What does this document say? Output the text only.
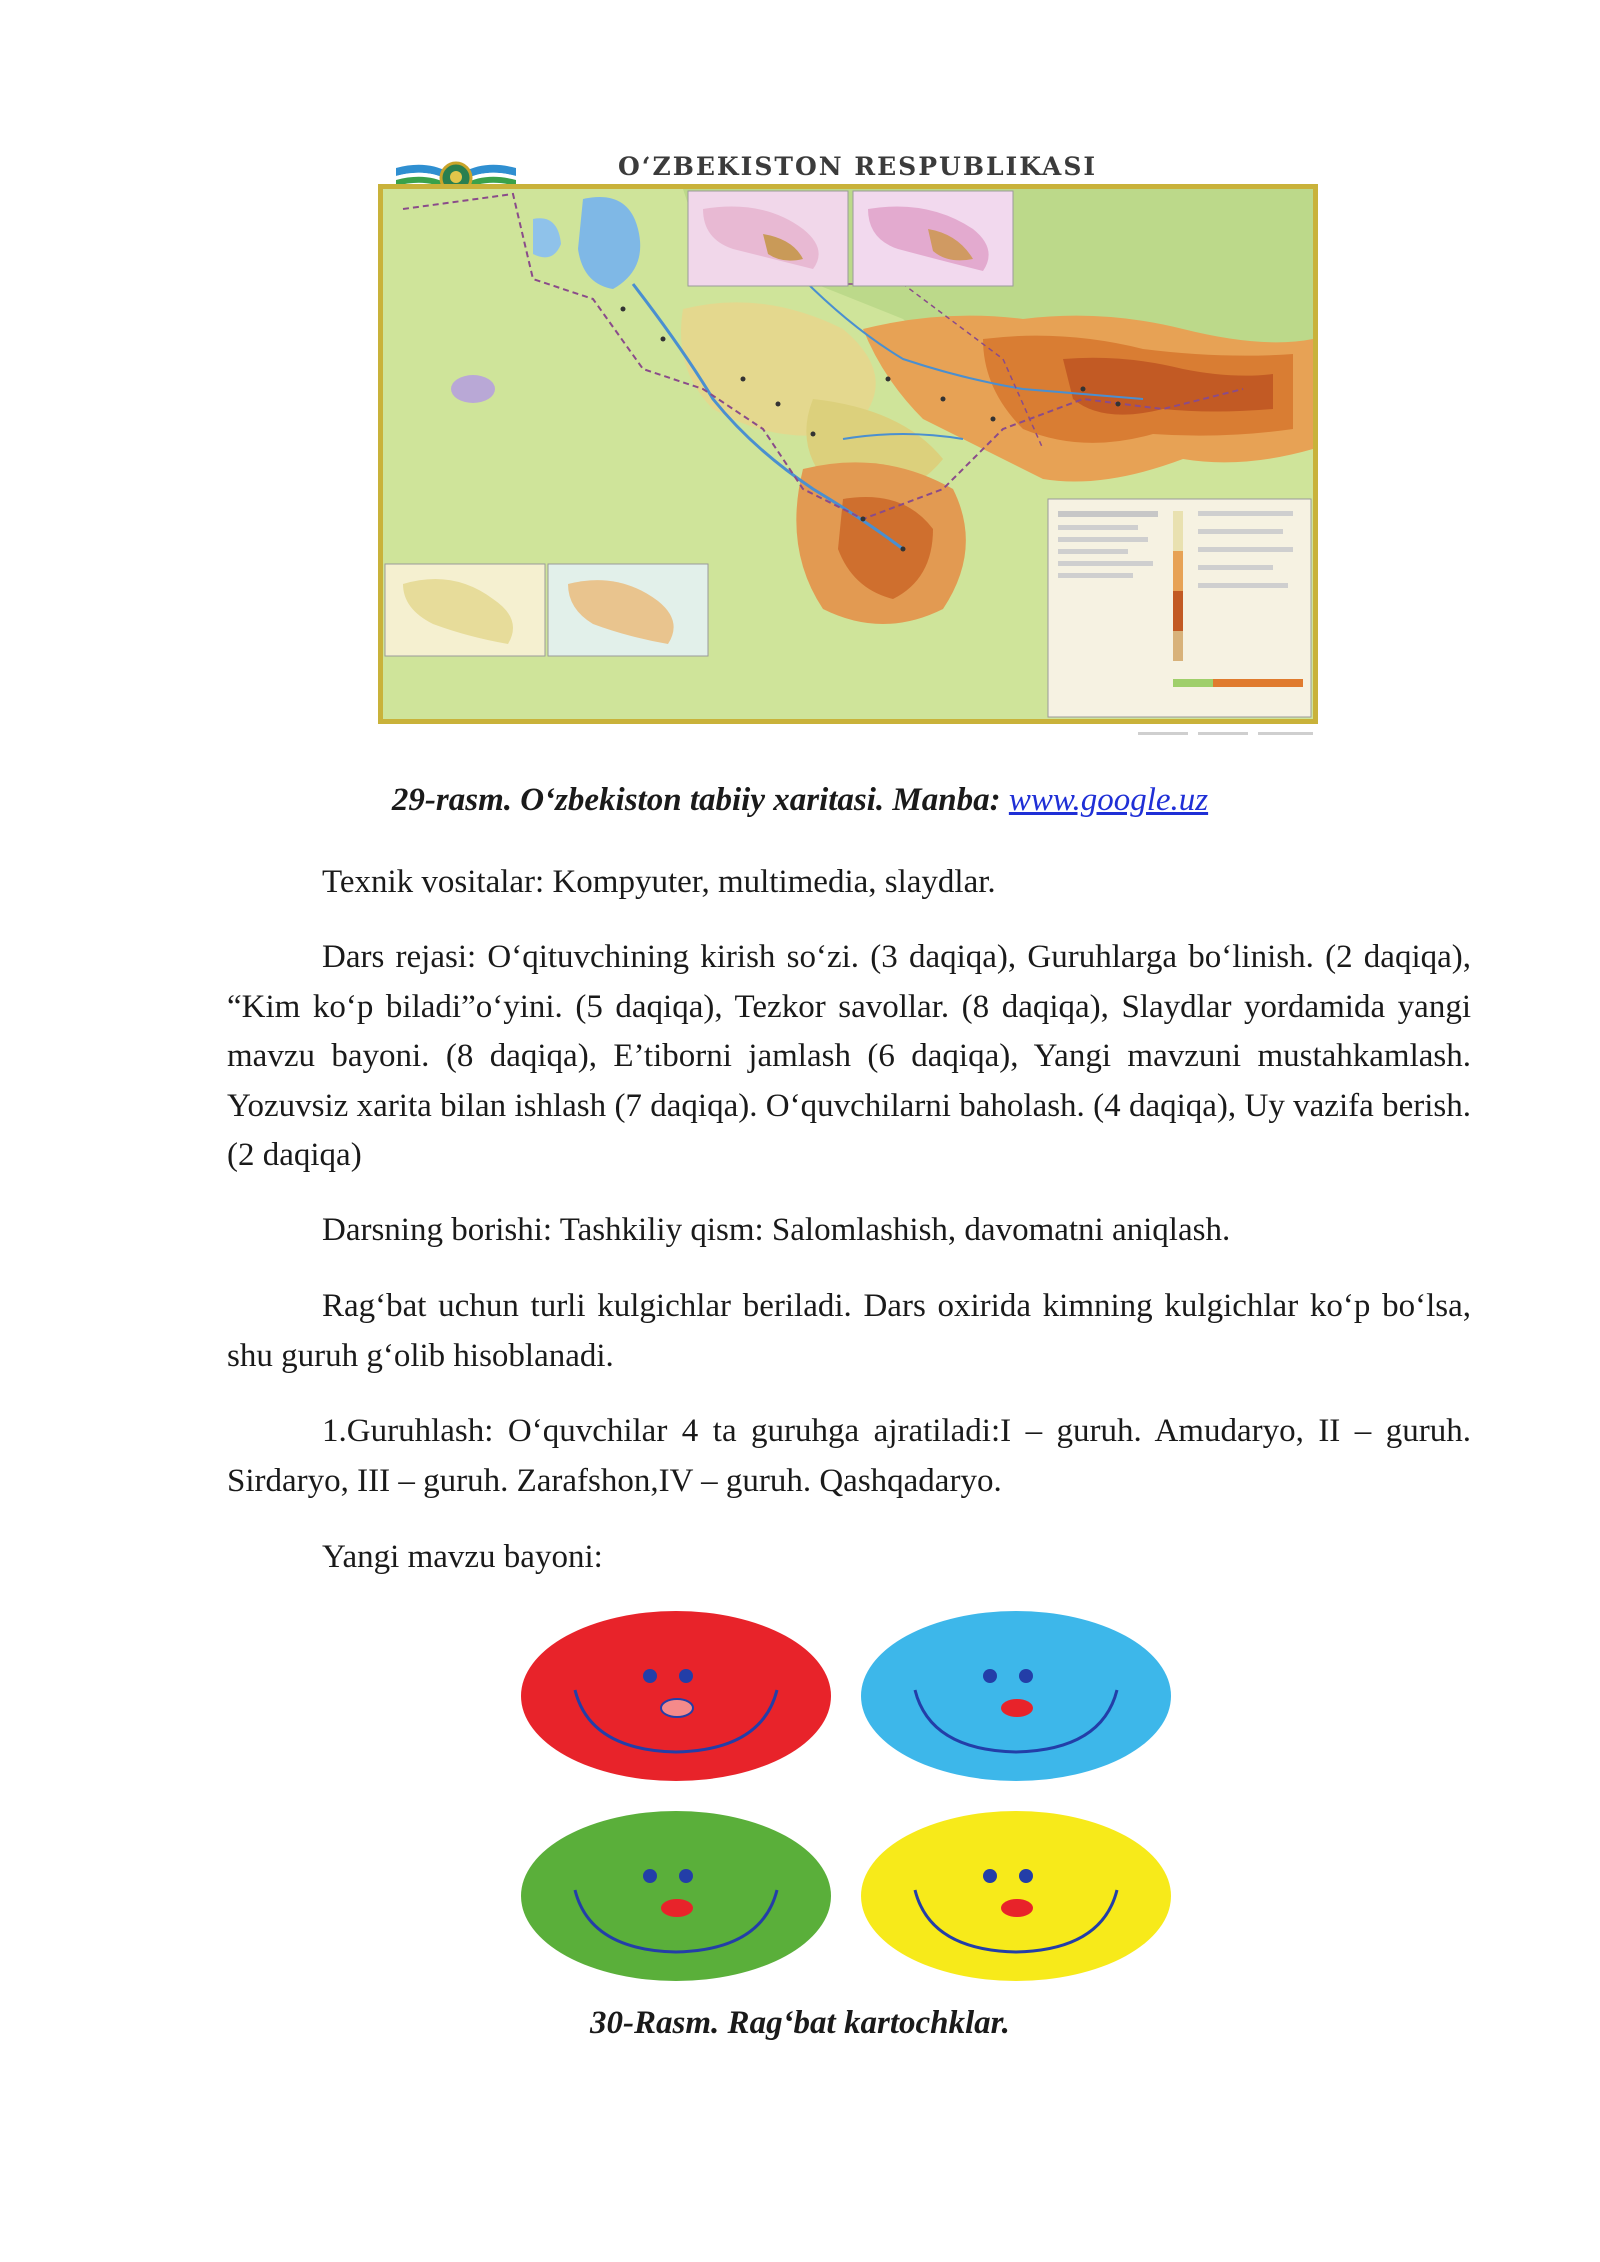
O‘ZBEKISTON RESPUBLIKASI
29-rasm. O‘zbekiston tabiiy xaritasi. Manba: www.google.uz

Texnik vositalar: Kompyuter, multimedia, slaydlar.

Dars rejasi: O‘qituvchining kirish so‘zi. (3 daqiqa), Guruhlarga bo‘linish. (2 daqiqa), “Kim ko‘p biladi”o‘yini. (5 daqiqa), Tezkor savollar. (8 daqiqa), Slaydlar yordamida yangi mavzu bayoni. (8 daqiqa), E’tiborni jamlash (6 daqiqa), Yangi mavzuni mustahkamlash. Yozuvsiz xarita bilan ishlash (7 daqiqa). O‘quvchilarni baholash. (4 daqiqa), Uy vazifa berish. (2 daqiqa)

Darsning borishi: Tashkiliy qism: Salomlashish, davomatni aniqlash.

Rag‘bat uchun turli kulgichlar beriladi. Dars oxirida kimning kulgichlar ko‘p bo‘lsa, shu guruh g‘olib hisoblanadi.

1.Guruhlash: O‘quvchilar 4 ta guruhga ajratiladi:I – guruh. Amudaryo, II – guruh. Sirdaryo, III – guruh. Zarafshon,IV – guruh. Qashqadaryo.

Yangi mavzu bayoni:

30-Rasm. Rag‘bat kartochklar.
